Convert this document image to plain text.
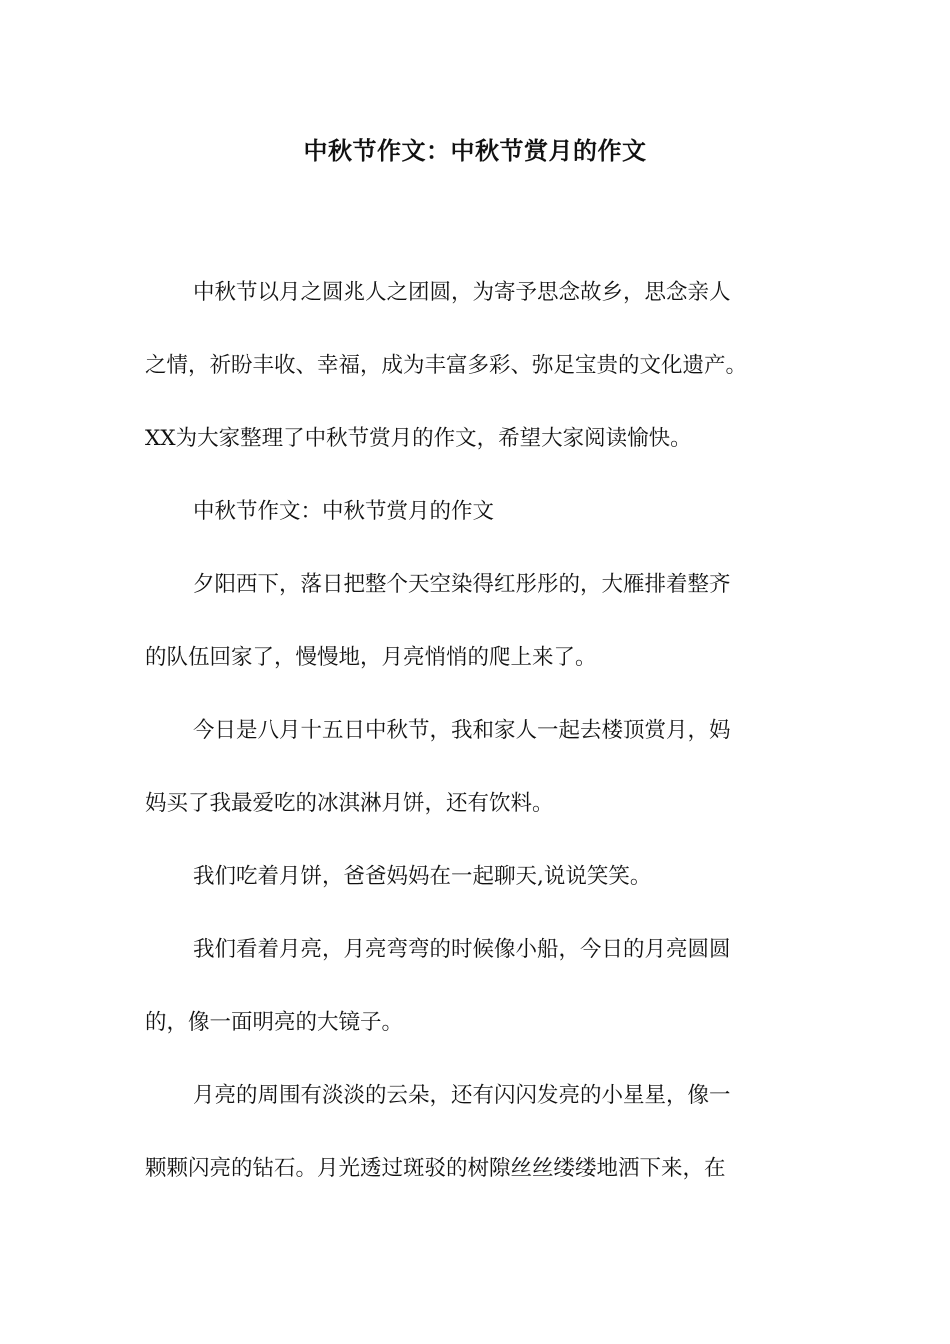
中秋节作文：中秋节赏月的作文
中秋节以月之圆兆人之团圆，为寄予思念故乡，思念亲人
之情，祈盼丰收、幸福，成为丰富多彩、弥足宝贵的文化遗产。
XX为大家整理了中秋节赏月的作文，希望大家阅读愉快。
中秋节作文：中秋节赏月的作文
夕阳西下，落日把整个天空染得红彤彤的，大雁排着整齐
的队伍回家了，慢慢地，月亮悄悄的爬上来了。
今日是八月十五日中秋节，我和家人一起去楼顶赏月，妈
妈买了我最爱吃的冰淇淋月饼，还有饮料。
我们吃着月饼，爸爸妈妈在一起聊天,说说笑笑。
我们看着月亮，月亮弯弯的时候像小船，今日的月亮圆圆
的，像一面明亮的大镜子。
月亮的周围有淡淡的云朵，还有闪闪发亮的小星星，像一
颗颗闪亮的钻石。月光透过斑驳的树隙丝丝缕缕地洒下来，在
